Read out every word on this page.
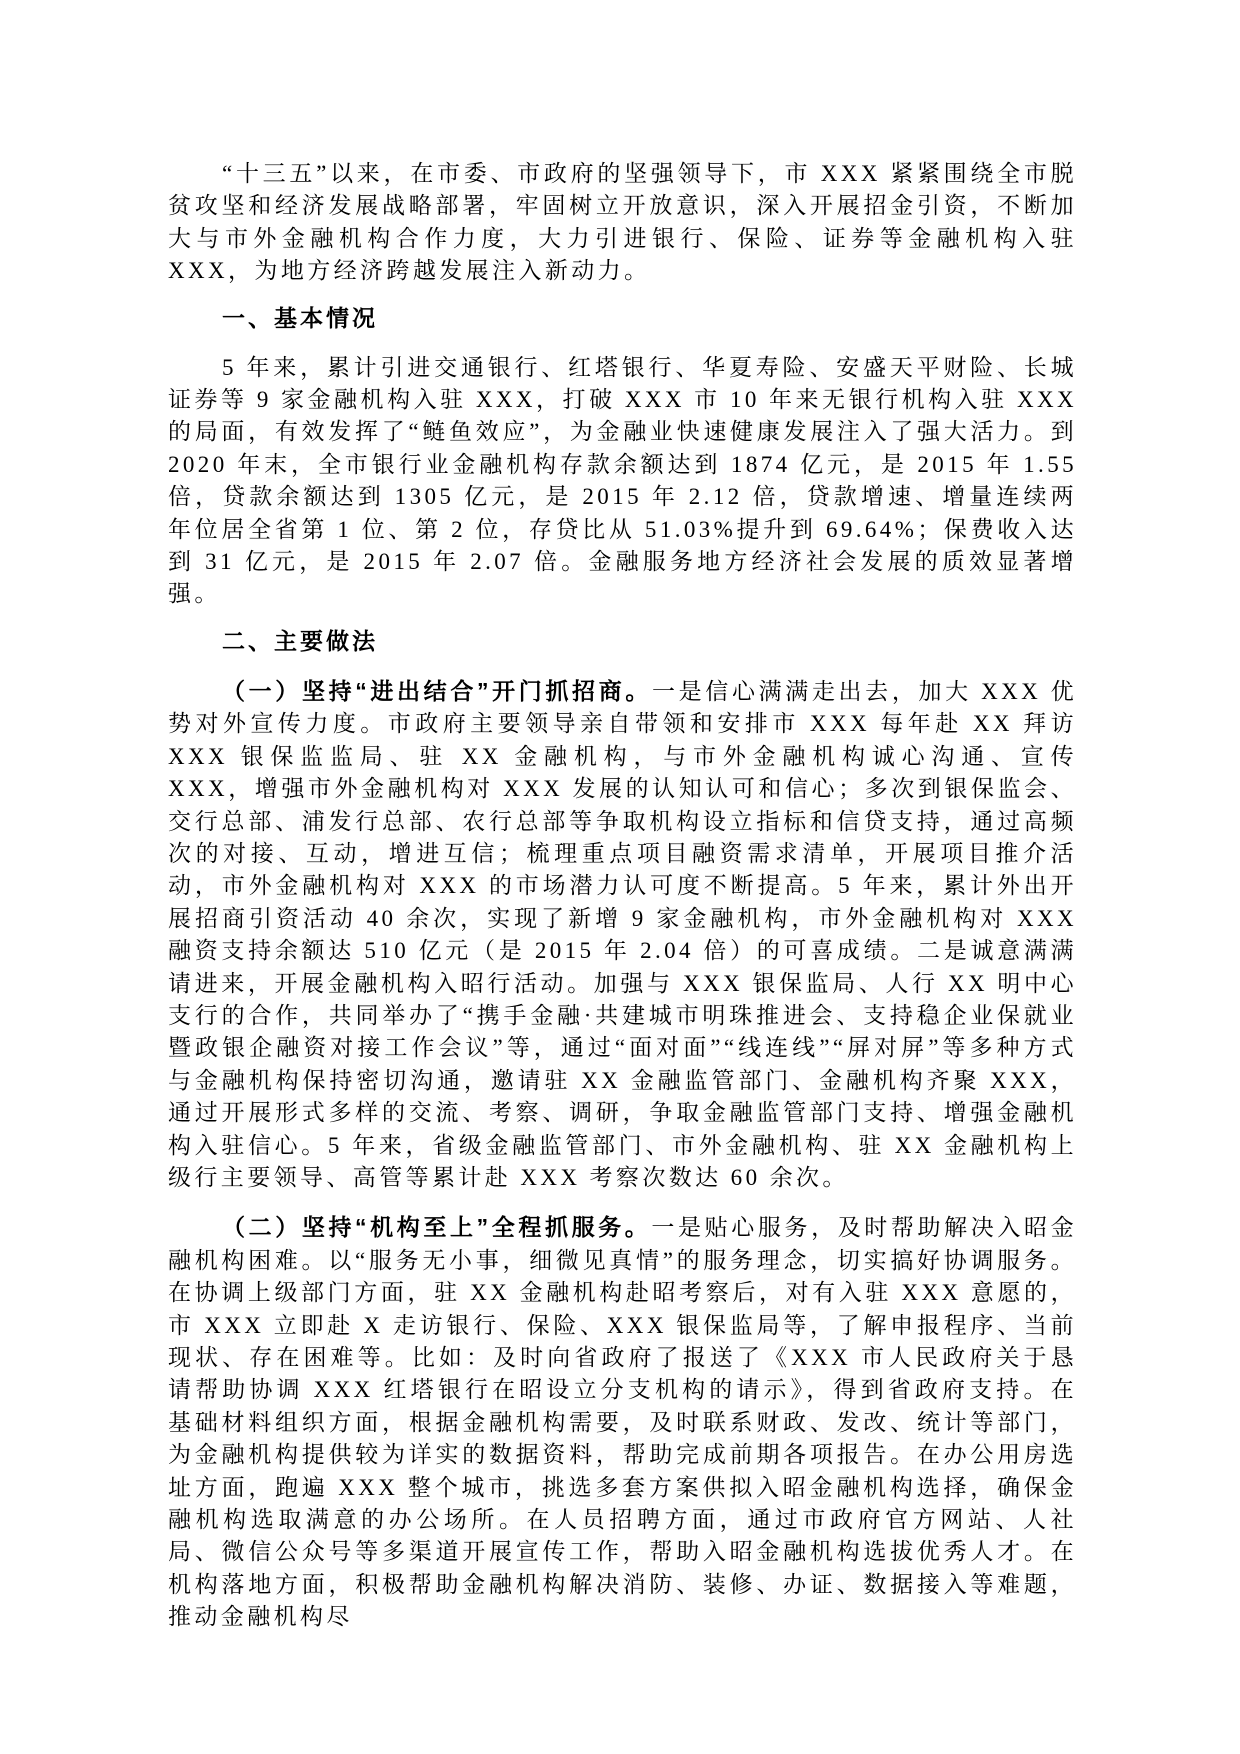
“十三五”以来，在市委、市政府的坚强领导下，市 XXX 紧紧围绕全市脱贫攻坚和经济发展战略部署，牢固树立开放意识，深入开展招金引资，不断加大与市外金融机构合作力度，大力引进银行、保险、证券等金融机构入驻 XXX，为地方经济跨越发展注入新动力。

一、基本情况

5 年来，累计引进交通银行、红塔银行、华夏寿险、安盛天平财险、长城证券等 9 家金融机构入驻 XXX，打破 XXX 市 10 年来无银行机构入驻 XXX 的局面，有效发挥了“鲢鱼效应”，为金融业快速健康发展注入了强大活力。到 2020 年末，全市银行业金融机构存款余额达到 1874 亿元，是 2015 年 1.55 倍，贷款余额达到 1305 亿元，是 2015 年 2.12 倍，贷款增速、增量连续两年位居全省第 1 位、第 2 位，存贷比从 51.03%提升到 69.64%；保费收入达到 31 亿元，是 2015 年 2.07 倍。金融服务地方经济社会发展的质效显著增强。

二、主要做法

（一）坚持“进出结合”开门抓招商。一是信心满满走出去，加大 XXX 优势对外宣传力度。市政府主要领导亲自带领和安排市 XXX 每年赴 XX 拜访 XXX 银保监监局、驻 XX 金融机构，与市外金融机构诚心沟通、宣传 XXX，增强市外金融机构对 XXX 发展的认知认可和信心；多次到银保监会、交行总部、浦发行总部、农行总部等争取机构设立指标和信贷支持，通过高频次的对接、互动，增进互信；梳理重点项目融资需求清单，开展项目推介活动，市外金融机构对 XXX 的市场潜力认可度不断提高。5 年来，累计外出开展招商引资活动 40 余次，实现了新增 9 家金融机构，市外金融机构对 XXX 融资支持余额达 510 亿元（是 2015 年 2.04 倍）的可喜成绩。二是诚意满满请进来，开展金融机构入昭行活动。加强与 XXX 银保监局、人行 XX 明中心支行的合作，共同举办了“携手金融·共建城市明珠推进会、支持稳企业保就业暨政银企融资对接工作会议”等，通过“面对面”“线连线”“屏对屏”等多种方式与金融机构保持密切沟通，邀请驻 XX 金融监管部门、金融机构齐聚 XXX，通过开展形式多样的交流、考察、调研，争取金融监管部门支持、增强金融机构入驻信心。5 年来，省级金融监管部门、市外金融机构、驻 XX 金融机构上级行主要领导、高管等累计赴 XXX 考察次数达 60 余次。

（二）坚持“机构至上”全程抓服务。一是贴心服务，及时帮助解决入昭金融机构困难。以“服务无小事，细微见真情”的服务理念，切实搞好协调服务。在协调上级部门方面，驻 XX 金融机构赴昭考察后，对有入驻 XXX 意愿的，市 XXX 立即赴 X 走访银行、保险、XXX 银保监局等，了解申报程序、当前现状、存在困难等。比如：及时向省政府了报送了《XXX 市人民政府关于恳请帮助协调 XXX 红塔银行在昭设立分支机构的请示》，得到省政府支持。在基础材料组织方面，根据金融机构需要，及时联系财政、发改、统计等部门，为金融机构提供较为详实的数据资料，帮助完成前期各项报告。在办公用房选址方面，跑遍 XXX 整个城市，挑选多套方案供拟入昭金融机构选择，确保金融机构选取满意的办公场所。在人员招聘方面，通过市政府官方网站、人社局、微信公众号等多渠道开展宣传工作，帮助入昭金融机构选拔优秀人才。在机构落地方面，积极帮助金融机构解决消防、装修、办证、数据接入等难题，推动金融机构尽
